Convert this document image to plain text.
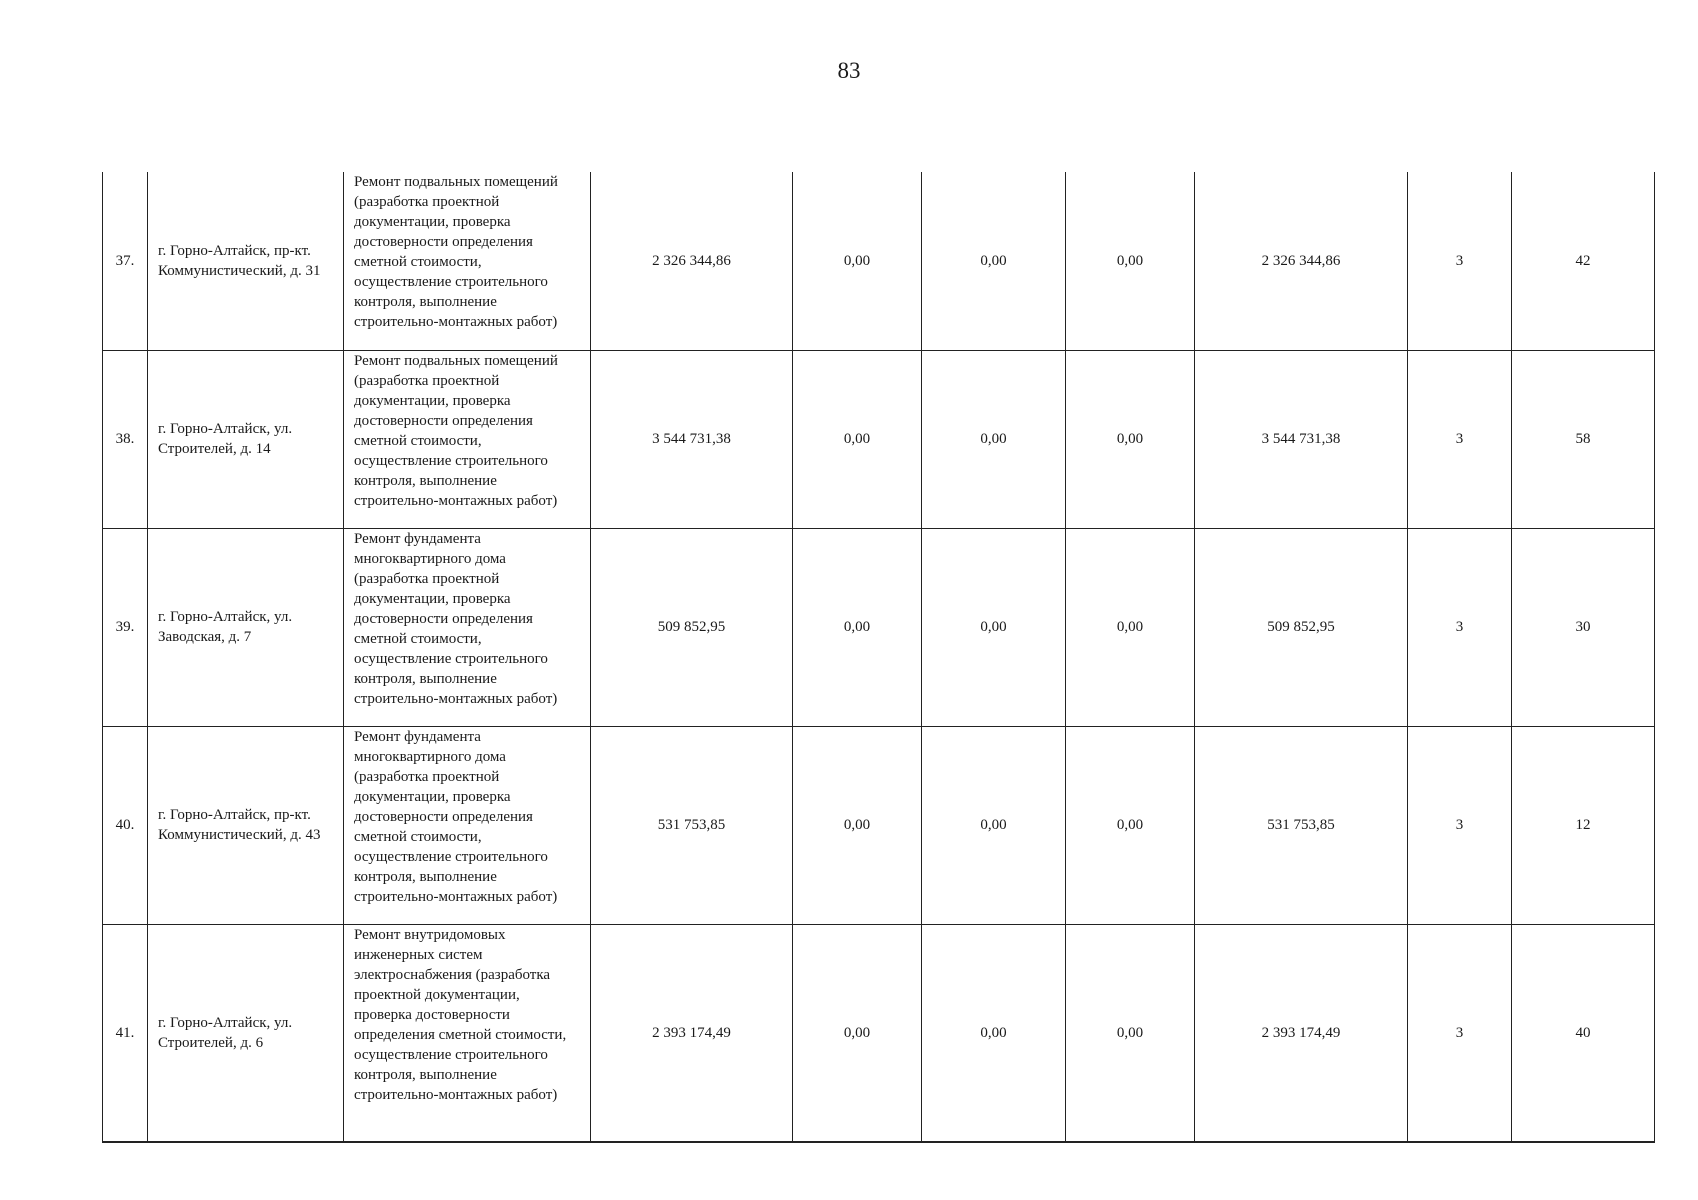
83
37.	г. Горно-Алтайск, пр-кт. Коммунистический, д. 31	Ремонт подвальных помещений (разработка проектной документации, проверка достоверности определения сметной стоимости, осуществление строительного контроля, выполнение строительно-монтажных работ)	2 326 344,86	0,00	0,00	0,00	2 326 344,86	3	42
38.	г. Горно-Алтайск, ул. Строителей, д. 14	Ремонт подвальных помещений (разработка проектной документации, проверка достоверности определения сметной стоимости, осуществление строительного контроля, выполнение строительно-монтажных работ)	3 544 731,38	0,00	0,00	0,00	3 544 731,38	3	58
39.	г. Горно-Алтайск, ул. Заводская, д. 7	Ремонт фундамента многоквартирного дома (разработка проектной документации, проверка достоверности определения сметной стоимости, осуществление строительного контроля, выполнение строительно-монтажных работ)	509 852,95	0,00	0,00	0,00	509 852,95	3	30
40.	г. Горно-Алтайск, пр-кт. Коммунистический, д. 43	Ремонт фундамента многоквартирного дома (разработка проектной документации, проверка достоверности определения сметной стоимости, осуществление строительного контроля, выполнение строительно-монтажных работ)	531 753,85	0,00	0,00	0,00	531 753,85	3	12
41.	г. Горно-Алтайск, ул. Строителей, д. 6	Ремонт внутридомовых инженерных систем электроснабжения (разработка проектной документации, проверка достоверности определения сметной стоимости, осуществление строительного контроля, выполнение строительно-монтажных работ)	2 393 174,49	0,00	0,00	0,00	2 393 174,49	3	40
